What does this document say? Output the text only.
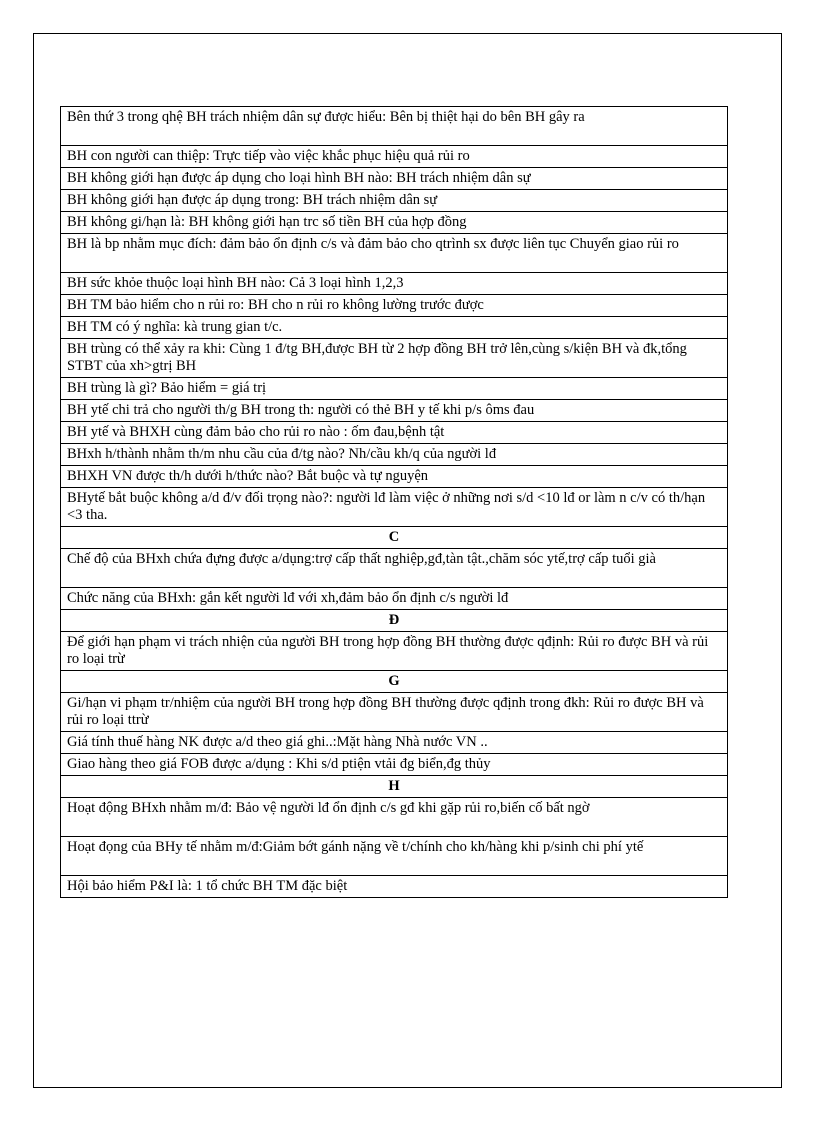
Bên thứ 3 trong qhệ BH trách nhiệm dân sự được hiểu: Bên bị thiệt hại do bên BH gây ra
BH con người can thiệp: Trực tiếp vào việc khắc phục hiệu quả rủi ro
BH không giới hạn được áp dụng cho loại hình BH nào: BH trách nhiệm dân sự
BH không giới hạn được áp dụng trong: BH trách nhiệm dân sự
BH không gi/hạn là: BH không giới hạn trc số tiền BH của hợp đồng
BH là bp nhằm mục đích: đảm bảo ổn định c/s và đảm bảo cho qtrình sx được liên tục Chuyển giao rủi ro
BH sức khỏe thuộc loại hình BH nào: Cả 3 loại hình 1,2,3
BH TM bảo hiểm cho n rủi ro: BH cho n rủi ro không lường trước được
BH TM có ý nghĩa: kà trung gian t/c.
BH trùng có thể xảy ra khi: Cùng 1 đ/tg BH,được BH từ 2 hợp đồng BH trở lên,cùng s/kiện BH và đk,tổng STBT của xh>gtrị BH
BH trùng là gì? Bảo hiểm = giá trị
BH ytế chi trả cho người th/g BH trong th: người có thẻ BH y tế khi p/s ôms đau
BH ytế và BHXH cùng đảm bảo cho rủi ro nào : ốm đau,bệnh tật
BHxh h/thành nhằm th/m nhu cầu của đ/tg nào? Nh/cầu kh/q của người lđ
BHXH VN được th/h dưới h/thức nào? Bắt buộc và tự nguyện
BHytế bắt buộc không a/d đ/v đối trọng nào?: người lđ làm việc ở những nơi s/d <10 lđ or làm n c/v có th/hạn <3 tha.
C
Chế độ của BHxh chứa đựng được a/dụng:trợ cấp thất nghiệp,gđ,tàn tật.,chăm sóc ytế,trợ cấp tuổi già
Chức năng của BHxh: gắn kết người lđ với xh,đảm bảo ổn định c/s người lđ
Đ
Để giới hạn phạm vi trách nhiện của người BH trong hợp đồng BH thường được qđịnh: Rủi ro được BH và rủi ro loại trừ
G
Gi/hạn vi phạm tr/nhiệm của người BH trong hợp đồng BH thường được qđịnh trong đkh: Rủi ro được BH và rủi ro loại ttrừ
Giá tính thuế hàng NK được a/d theo giá ghi..:Mặt hàng Nhà nước VN ..
Giao hàng theo giá FOB được a/dụng : Khi s/d ptiện vtải đg biển,đg thủy
H
Hoạt động BHxh nhằm m/đ: Bảo vệ người lđ ổn định c/s gđ khi gặp rủi ro,biến cố bất ngờ
Hoạt đọng của BHy tế nhằm m/đ:Giảm bớt gánh nặng về t/chính cho kh/hàng khi p/sinh chi phí ytế
Hội bảo hiểm P&I là: 1 tổ chức BH TM đặc biệt
